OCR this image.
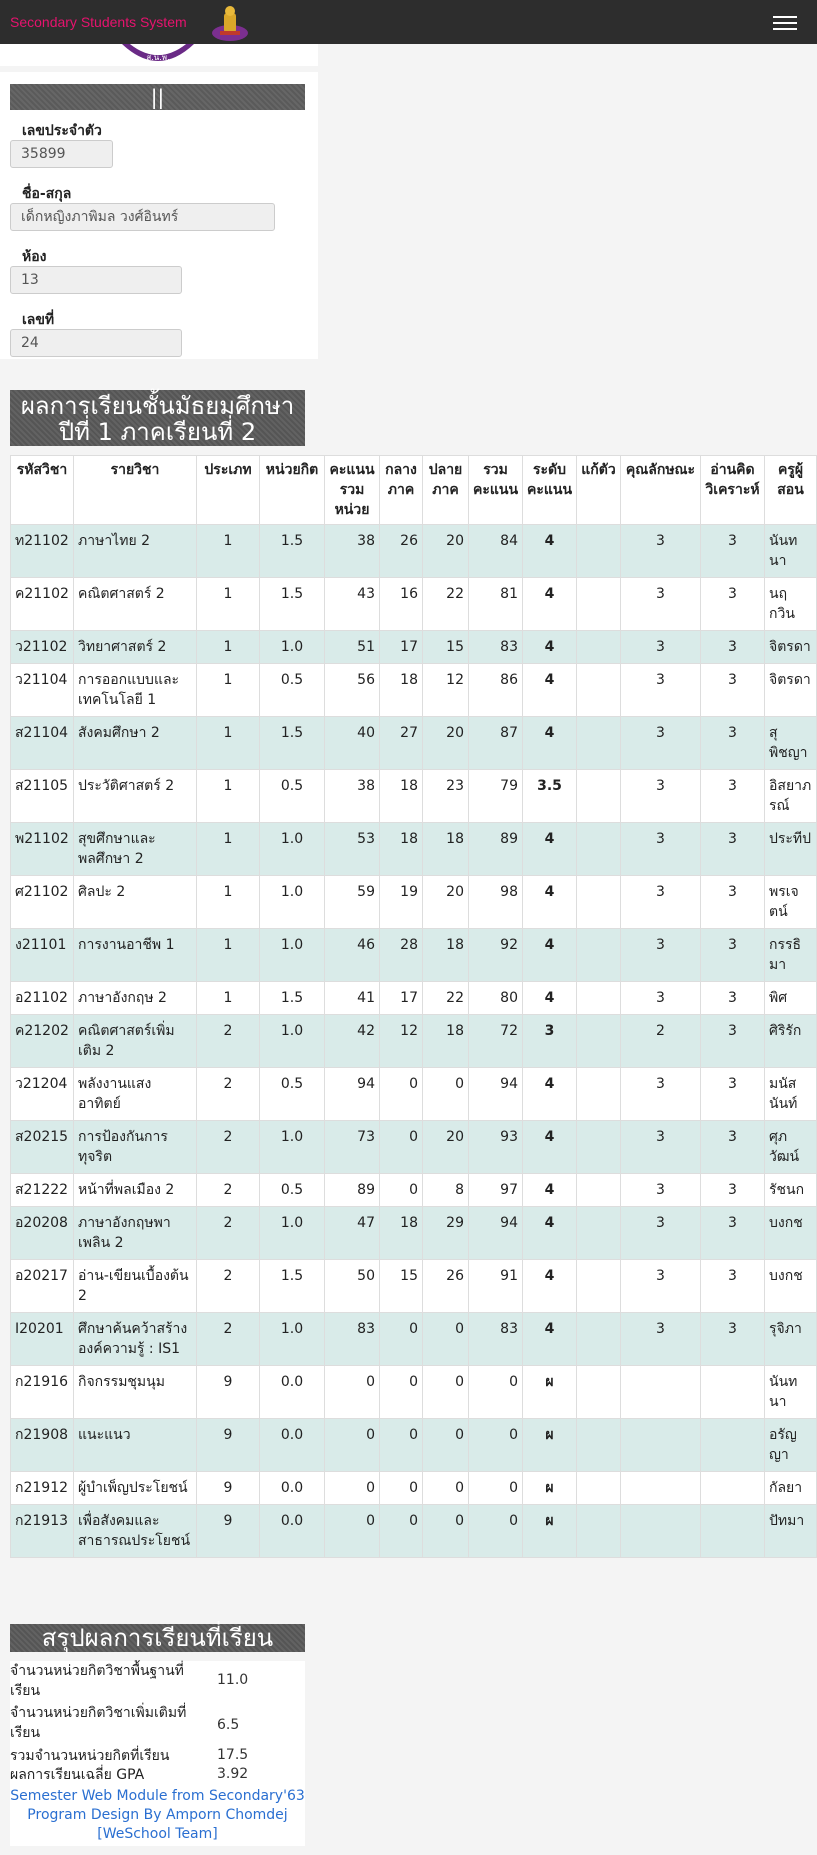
Secondary Students System
ส.น.พ.
||
เลขประจำตัว
35899
ชื่อ-สกุล
เด็กหญิงภาพิมล วงศ์อินทร์
ห้อง
13
เลขที่
24
ผลการเรียนชั้นมัธยมศึกษา
ปีที่ 1 ภาคเรียนที่ 2
รหัสวิชา	รายวิชา	ประเภท	หน่วยกิต	คะแนนรวมหน่วย	กลางภาค	ปลายภาค	รวมคะแนน	ระดับคะแนน	แก้ตัว	คุณลักษณะ	อ่านคิดวิเคราะห์	ครูผู้สอน
ท21102	ภาษาไทย 2	1	1.5	38	26	20	84	4		3	3	นันทนา
ค21102	คณิตศาสตร์ 2	1	1.5	43	16	22	81	4		3	3	นฤกวิน
ว21102	วิทยาศาสตร์ 2	1	1.0	51	17	15	83	4		3	3	จิตรดา
ว21104	การออกแบบและเทคโนโลยี 1	1	0.5	56	18	12	86	4		3	3	จิตรดา
ส21104	สังคมศึกษา 2	1	1.5	40	27	20	87	4		3	3	สุพิชญา
ส21105	ประวัติศาสตร์ 2	1	0.5	38	18	23	79	3.5		3	3	อิสยาภรณ์
พ21102	สุขศึกษาและพลศึกษา 2	1	1.0	53	18	18	89	4		3	3	ประทีป
ศ21102	ศิลปะ 2	1	1.0	59	19	20	98	4		3	3	พรเจตน์
ง21101	การงานอาชีพ 1	1	1.0	46	28	18	92	4		3	3	กรรธิมา
อ21102	ภาษาอังกฤษ 2	1	1.5	41	17	22	80	4		3	3	พิศ
ค21202	คณิตศาสตร์เพิ่มเติม 2	2	1.0	42	12	18	72	3		2	3	ศิริรัก
ว21204	พลังงานแสงอาทิตย์	2	0.5	94	0	0	94	4		3	3	มนัสนันท์
ส20215	การป้องกันการทุจริต	2	1.0	73	0	20	93	4		3	3	ศุภวัฒน์
ส21222	หน้าที่พลเมือง 2	2	0.5	89	0	8	97	4		3	3	รัชนก
อ20208	ภาษาอังกฤษพาเพลิน 2	2	1.0	47	18	29	94	4		3	3	บงกช
อ20217	อ่าน-เขียนเบื้องต้น 2	2	1.5	50	15	26	91	4		3	3	บงกช
I20201	ศึกษาค้นคว้าสร้างองค์ความรู้ : IS1	2	1.0	83	0	0	83	4		3	3	รุจิภา
ก21916	กิจกรรมชุมนุม	9	0.0	0	0	0	0	ผ				นันทนา
ก21908	แนะแนว	9	0.0	0	0	0	0	ผ				อรัญญา
ก21912	ผู้บำเพ็ญประโยชน์	9	0.0	0	0	0	0	ผ				กัลยา
ก21913	เพื่อสังคมและสาธารณประโยชน์	9	0.0	0	0	0	0	ผ				ปัทมา
สรุปผลการเรียนที่เรียน
จำนวนหน่วยกิตวิชาพื้นฐานที่เรียน
11.0
จำนวนหน่วยกิตวิชาเพิ่มเติมที่เรียน	6.5
รวมจำนวนหน่วยกิตที่เรียน	17.5
ผลการเรียนเฉลี่ย GPA	3.92
Semester Web Module from Secondary'63
Program Design By Amporn Chomdej
[WeSchool Team]
